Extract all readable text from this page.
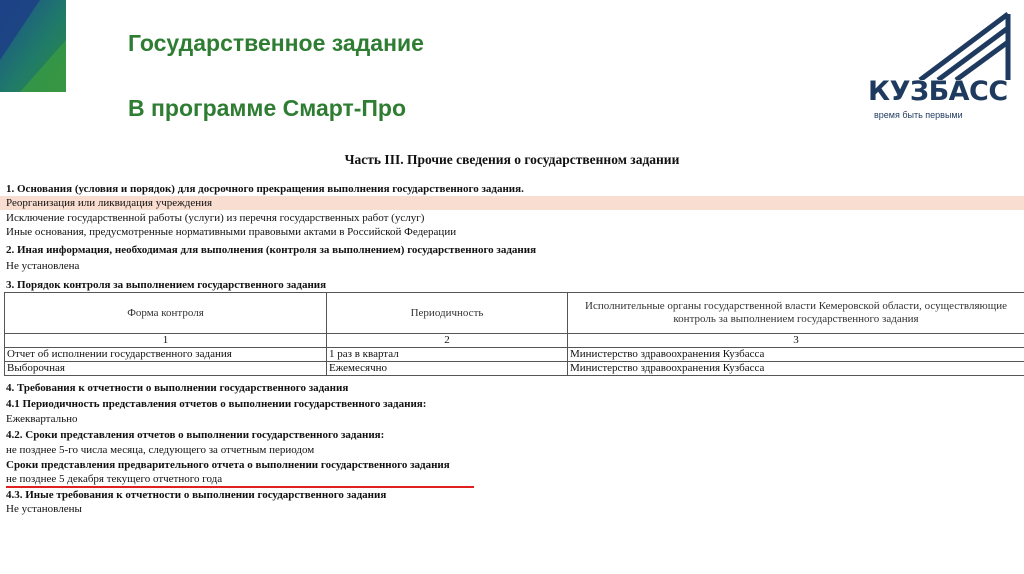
Государственное задание
В программе Смарт-Про
КУЗБАСС
время быть первыми
Часть III. Прочие сведения о государственном задании
1. Основания (условия и порядок) для досрочного прекращения выполнения государственного задания.
Реорганизация или ликвидация учреждения
Исключение государственной работы (услуги) из перечня государственных работ (услуг)
Иные основания, предусмотренные нормативными правовыми актами в Российской Федерации
2. Иная информация, необходимая для выполнения (контроля за выполнением) государственного задания
Не установлена
3. Порядок контроля за выполнением государственного задания
Форма контроля	Периодичность	Исполнительные органы государственной власти Кемеровской области, осуществляющие контроль за выполнением государственного задания
1	2	3
Отчет об исполнении государственного задания	1 раз в квартал	Министерство здравоохранения Кузбасса
Выборочная	Ежемесячно	Министерство здравоохранения Кузбасса
4. Требования к отчетности о выполнении государственного задания
4.1 Периодичность представления отчетов о выполнении государственного задания:
Ежеквартально
4.2. Сроки представления отчетов о выполнении государственного задания:
не позднее 5-го числа месяца, следующего за отчетным периодом
Сроки представления предварительного отчета о выполнении государственного задания
не позднее 5 декабря текущего отчетного года
4.3. Иные требования к отчетности о выполнении государственного задания
Не установлены
